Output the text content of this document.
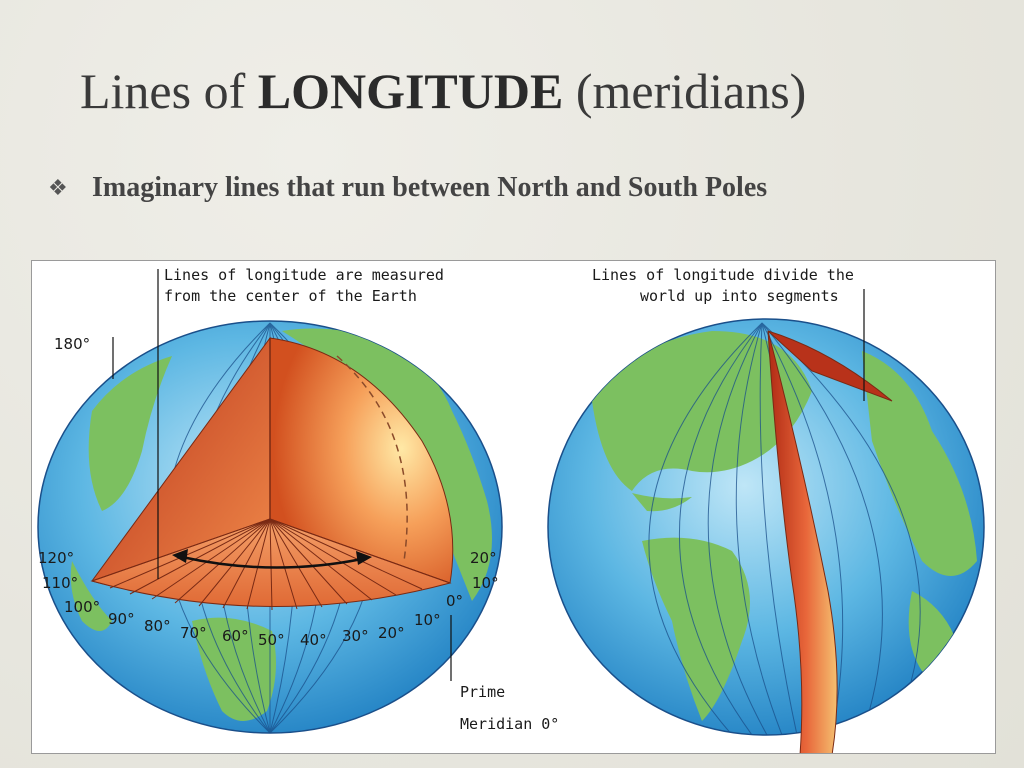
Lines of LONGITUDE (meridians)
❖ Imaginary lines that run between North and South Poles
Lines of longitude are measured
from the center of the Earth
Lines of longitude divide the
world up into segments
Prime
Meridian 0°
180°
120°
110°
100°
90° 80° 70° 60° 50° 40° 30° 20°
10°
0°
20°
10°
